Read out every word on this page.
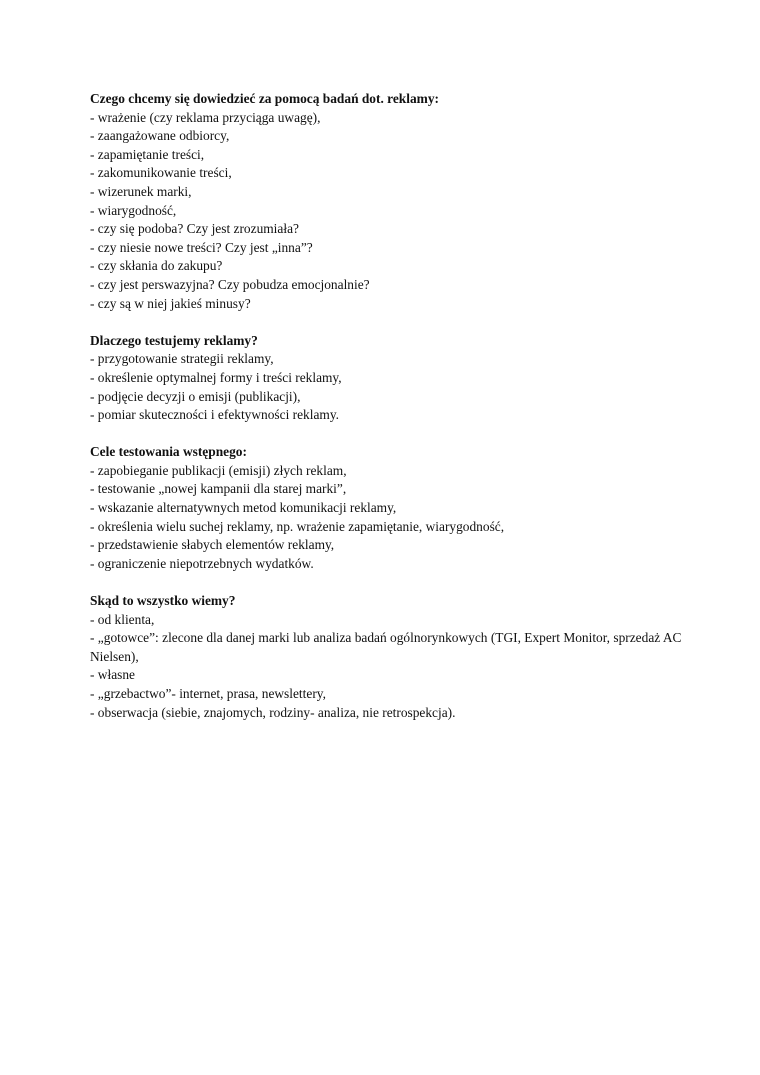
Czego chcemy się dowiedzieć za pomocą badań dot. reklamy:

- wrażenie (czy reklama przyciąga uwagę),

- zaangażowane odbiorcy,

- zapamiętanie treści,

- zakomunikowanie treści,

- wizerunek marki,

- wiarygodność,

- czy się podoba? Czy jest zrozumiała?

- czy niesie nowe treści? Czy jest „inna”?

- czy skłania do zakupu?

- czy jest perswazyjna? Czy pobudza emocjonalnie?

- czy są w niej jakieś minusy?

Dlaczego testujemy reklamy?

- przygotowanie strategii reklamy,

- określenie optymalnej formy i treści reklamy,

- podjęcie decyzji o emisji (publikacji),

- pomiar skuteczności i efektywności reklamy.

Cele testowania wstępnego:

- zapobieganie publikacji (emisji) złych reklam,

- testowanie „nowej kampanii dla starej marki”,

- wskazanie alternatywnych metod komunikacji reklamy,

- określenia wielu suchej reklamy, np. wrażenie zapamiętanie, wiarygodność,

- przedstawienie słabych elementów reklamy,

- ograniczenie niepotrzebnych wydatków.

Skąd to wszystko wiemy?

- od klienta,

- „gotowce”: zlecone dla danej marki lub analiza badań ogólnorynkowych (TGI, Expert Monitor, sprzedaż AC Nielsen),

- własne

- „grzebactwo”- internet, prasa, newslettery,

- obserwacja (siebie, znajomych, rodziny- analiza, nie retrospekcja).
